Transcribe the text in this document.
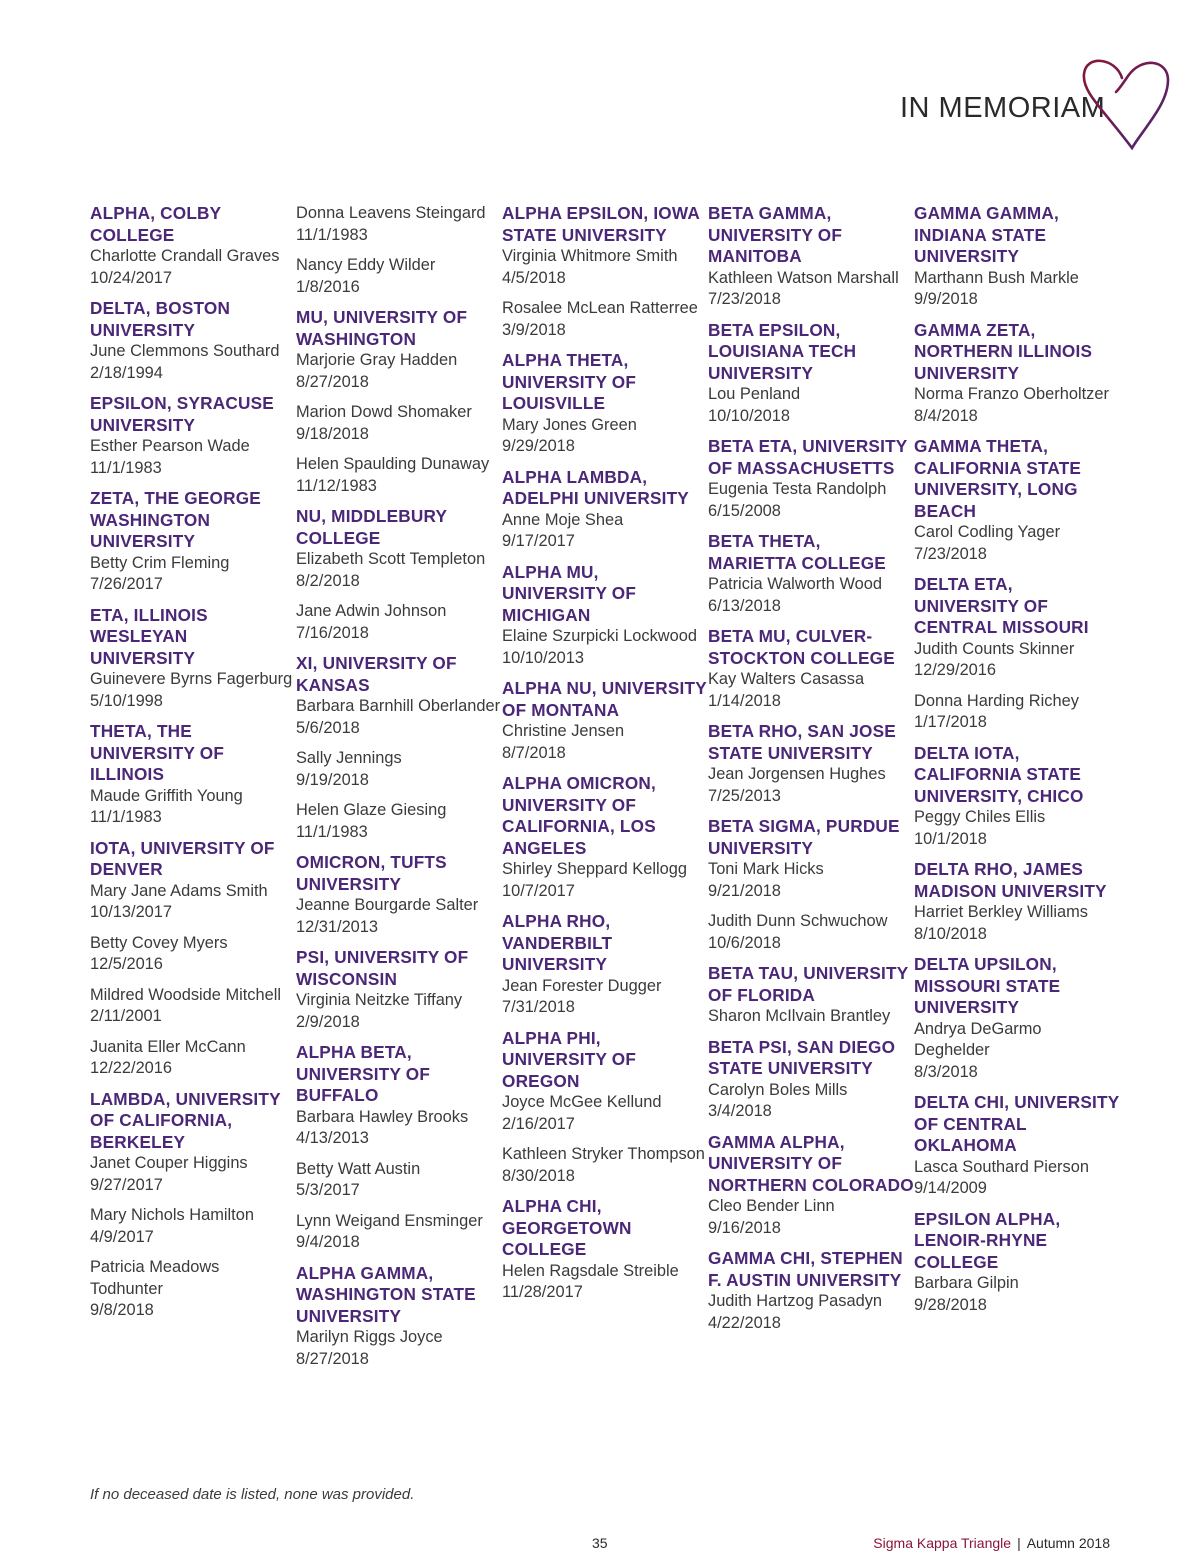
IN MEMORIAM
ALPHA, COLBY COLLEGE
Charlotte Crandall Graves
10/24/2017
DELTA, BOSTON UNIVERSITY
June Clemmons Southard
2/18/1994
EPSILON, SYRACUSE UNIVERSITY
Esther Pearson Wade
11/1/1983
ZETA, THE GEORGE WASHINGTON UNIVERSITY
Betty Crim Fleming
7/26/2017
ETA, ILLINOIS WESLEYAN UNIVERSITY
Guinevere Byrns Fagerburg
5/10/1998
THETA, THE UNIVERSITY OF ILLINOIS
Maude Griffith Young
11/1/1983
IOTA, UNIVERSITY OF DENVER
Mary Jane Adams Smith
10/13/2017
Betty Covey Myers
12/5/2016
Mildred Woodside Mitchell
2/11/2001
Juanita Eller McCann
12/22/2016
LAMBDA, UNIVERSITY OF CALIFORNIA, BERKELEY
Janet Couper Higgins
9/27/2017
Mary Nichols Hamilton
4/9/2017
Patricia Meadows Todhunter
9/8/2018
Donna Leavens Steingard
11/1/1983
Nancy Eddy Wilder
1/8/2016
MU, UNIVERSITY OF WASHINGTON
Marjorie Gray Hadden
8/27/2018
Marion Dowd Shomaker
9/18/2018
Helen Spaulding Dunaway
11/12/1983
NU, MIDDLEBURY COLLEGE
Elizabeth Scott Templeton
8/2/2018
Jane Adwin Johnson
7/16/2018
XI, UNIVERSITY OF KANSAS
Barbara Barnhill Oberlander
5/6/2018
Sally Jennings
9/19/2018
Helen Glaze Giesing
11/1/1983
OMICRON, TUFTS UNIVERSITY
Jeanne Bourgarde Salter
12/31/2013
PSI, UNIVERSITY OF WISCONSIN
Virginia Neitzke Tiffany
2/9/2018
ALPHA BETA, UNIVERSITY OF BUFFALO
Barbara Hawley Brooks
4/13/2013
Betty Watt Austin
5/3/2017
Lynn Weigand Ensminger
9/4/2018
ALPHA GAMMA, WASHINGTON STATE UNIVERSITY
Marilyn Riggs Joyce
8/27/2018
ALPHA EPSILON, IOWA STATE UNIVERSITY
Virginia Whitmore Smith
4/5/2018
Rosalee McLean Ratterree
3/9/2018
ALPHA THETA, UNIVERSITY OF LOUISVILLE
Mary Jones Green
9/29/2018
ALPHA LAMBDA, ADELPHI UNIVERSITY
Anne Moje Shea
9/17/2017
ALPHA MU, UNIVERSITY OF MICHIGAN
Elaine Szurpicki Lockwood
10/10/2013
ALPHA NU, UNIVERSITY OF MONTANA
Christine Jensen
8/7/2018
ALPHA OMICRON, UNIVERSITY OF CALIFORNIA, LOS ANGELES
Shirley Sheppard Kellogg
10/7/2017
ALPHA RHO, VANDERBILT UNIVERSITY
Jean Forester Dugger
7/31/2018
ALPHA PHI, UNIVERSITY OF OREGON
Joyce McGee Kellund
2/16/2017
Kathleen Stryker Thompson
8/30/2018
ALPHA CHI, GEORGETOWN COLLEGE
Helen Ragsdale Streible
11/28/2017
BETA GAMMA, UNIVERSITY OF MANITOBA
Kathleen Watson Marshall
7/23/2018
BETA EPSILON, LOUISIANA TECH UNIVERSITY
Lou Penland
10/10/2018
BETA ETA, UNIVERSITY OF MASSACHUSETTS
Eugenia Testa Randolph
6/15/2008
BETA THETA, MARIETTA COLLEGE
Patricia Walworth Wood
6/13/2018
BETA MU, CULVER-STOCKTON COLLEGE
Kay Walters Casassa
1/14/2018
BETA RHO, SAN JOSE STATE UNIVERSITY
Jean Jorgensen Hughes
7/25/2013
BETA SIGMA, PURDUE UNIVERSITY
Toni Mark Hicks
9/21/2018
Judith Dunn Schwuchow
10/6/2018
BETA TAU, UNIVERSITY OF FLORIDA
Sharon McIlvain Brantley
BETA PSI, SAN DIEGO STATE UNIVERSITY
Carolyn Boles Mills
3/4/2018
GAMMA ALPHA, UNIVERSITY OF NORTHERN COLORADO
Cleo Bender Linn
9/16/2018
GAMMA CHI, STEPHEN F. AUSTIN UNIVERSITY
Judith Hartzog Pasadyn
4/22/2018
GAMMA GAMMA, INDIANA STATE UNIVERSITY
Marthann Bush Markle
9/9/2018
GAMMA ZETA, NORTHERN ILLINOIS UNIVERSITY
Norma Franzo Oberholtzer
8/4/2018
GAMMA THETA, CALIFORNIA STATE UNIVERSITY, LONG BEACH
Carol Codling Yager
7/23/2018
DELTA ETA, UNIVERSITY OF CENTRAL MISSOURI
Judith Counts Skinner
12/29/2016
Donna Harding Richey
1/17/2018
DELTA IOTA, CALIFORNIA STATE UNIVERSITY, CHICO
Peggy Chiles Ellis
10/1/2018
DELTA RHO, JAMES MADISON UNIVERSITY
Harriet Berkley Williams
8/10/2018
DELTA UPSILON, MISSOURI STATE UNIVERSITY
Andrya DeGarmo Deghelder
8/3/2018
DELTA CHI, UNIVERSITY OF CENTRAL OKLAHOMA
Lasca Southard Pierson
9/14/2009
EPSILON ALPHA, LENOIR-RHYNE COLLEGE
Barbara Gilpin
9/28/2018
If no deceased date is listed, none was provided.
35	Sigma Kappa Triangle | Autumn 2018
